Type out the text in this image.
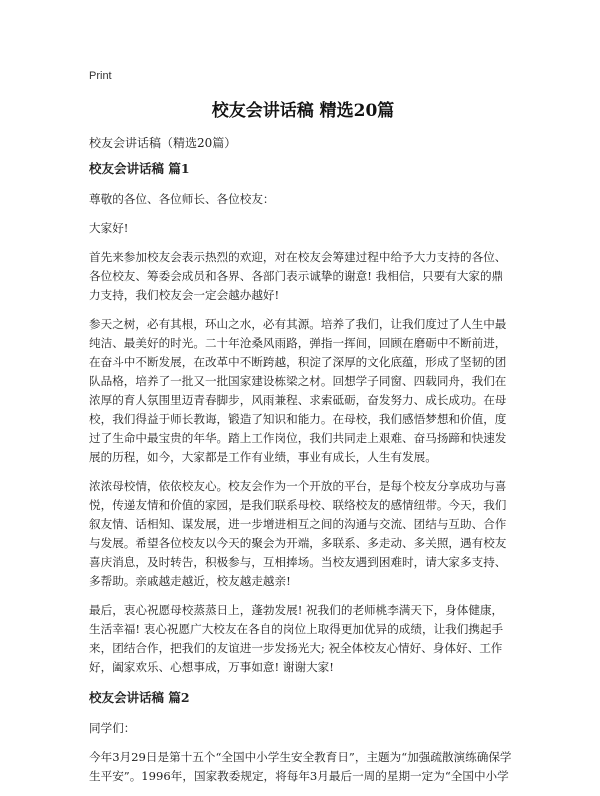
Print
校友会讲话稿 精选20篇
校友会讲话稿（精选20篇）
校友会讲话稿 篇1

尊敬的各位、各位师长、各位校友：

大家好!

首先来参加校友会表示热烈的欢迎，对在校友会筹建过程中给予大力支持的各位、
各位校友、筹委会成员和各界、各部门表示诚挚的谢意! 我相信，只要有大家的鼎
力支持，我们校友会一定会越办越好!

参天之树，必有其根，环山之水，必有其源。培养了我们，让我们度过了人生中最
纯洁、最美好的时光。二十年沧桑风雨路，弹指一挥间，回顾在磨砺中不断前进，
在奋斗中不断发展，在改革中不断跨越，积淀了深厚的文化底蕴，形成了坚韧的团
队品格，培养了一批又一批国家建设栋梁之材。回想学子同窗、四载同舟，我们在
浓厚的育人氛围里迈青春脚步，风雨兼程、求索砥砺，奋发努力、成长成功。在母
校，我们得益于师长教诲，锻造了知识和能力。在母校，我们感悟梦想和价值，度
过了生命中最宝贵的年华。踏上工作岗位，我们共同走上艰难、奋马扬蹄和快速发
展的历程，如今，大家都是工作有业绩，事业有成长，人生有发展。

浓浓母校情，依依校友心。校友会作为一个开放的平台，是每个校友分享成功与喜
悦，传递友情和价值的家园，是我们联系母校、联络校友的感情纽带。今天，我们
叙友情、话相知、谋发展，进一步增进相互之间的沟通与交流、团结与互助、合作
与发展。希望各位校友以今天的聚会为开端，多联系、多走动、多关照，遇有校友
喜庆消息，及时转告，积极参与，互相捧场。当校友遇到困难时，请大家多支持、
多帮助。亲戚越走越近，校友越走越亲!

最后，衷心祝愿母校蒸蒸日上，蓬勃发展! 祝我们的老师桃李满天下，身体健康，
生活幸福! 衷心祝愿广大校友在各自的岗位上取得更加优异的成绩，让我们携起手
来，团结合作，把我们的友谊进一步发扬光大; 祝全体校友心情好、身体好、工作
好，阖家欢乐、心想事成，万事如意! 谢谢大家!

校友会讲话稿 篇2

同学们：

今年3月29日是第十五个“全国中小学生安全教育日”，主题为“加强疏散演练确保学
生平安”。1996年，国家教委规定，将每年3月最后一周的星期一定为“全国中小学
